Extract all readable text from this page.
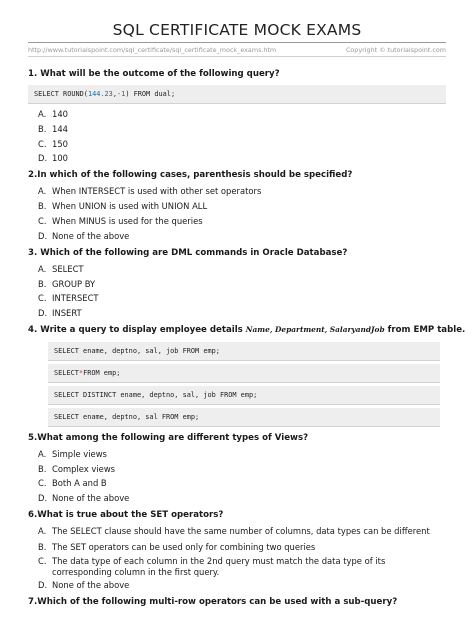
SQL CERTIFICATE MOCK EXAMS
http://www.tutorialspoint.com/sql_certificate/sql_certificate_mock_exams.htm	Copyright © tutorialspoint.com
1. What will be the outcome of the following query?
SELECT ROUND( 144.23 , -1 ) FROM dual;
A. 140
B. 144
C. 150
D. 100
2.In which of the following cases, parenthesis should be specified?
A. When INTERSECT is used with other set operators
B. When UNION is used with UNION ALL
C. When MINUS is used for the queries
D. None of the above
3. Which of the following are DML commands in Oracle Database?
A. SELECT
B. GROUP BY
C. INTERSECT
D. INSERT
4. Write a query to display employee details Name, Department, SalaryandJob from EMP table.
SELECT ename, deptno, sal, job FROM emp;
SELECT * FROM emp;
SELECT DISTINCT ename, deptno, sal, job FROM emp;
SELECT ename, deptno, sal FROM emp;
5.What among the following are different types of Views?
A. Simple views
B. Complex views
C. Both A and B
D. None of the above
6.What is true about the SET operators?
A. The SELECT clause should have the same number of columns, data types can be different
B. The SET operators can be used only for combining two queries
C. The data type of each column in the 2nd query must match the data type of its corresponding column in the first query.
D. None of the above
7.Which of the following multi-row operators can be used with a sub-query?
